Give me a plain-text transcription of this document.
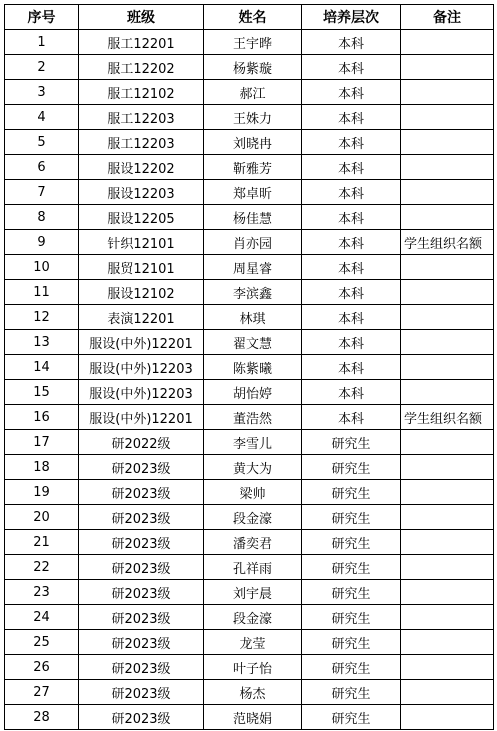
序号	班级	姓名	培养层次	备注
1	服工12201	王宇晔	本科	
2	服工12202	杨紫璇	本科	
3	服工12102	郝江	本科	
4	服工12203	王姝力	本科	
5	服工12203	刘晓冉	本科	
6	服设12202	靳雅芳	本科	
7	服设12203	郑卓昕	本科	
8	服设12205	杨佳慧	本科	
9	针织12101	肖亦园	本科	学生组织名额
10	服贸12101	周星睿	本科	
11	服设12102	李滨鑫	本科	
12	表演12201	林琪	本科	
13	服设(中外)12201	翟文慧	本科	
14	服设(中外)12203	陈紫曦	本科	
15	服设(中外)12203	胡怡婷	本科	
16	服设(中外)12201	董浩然	本科	学生组织名额
17	研2022级	李雪儿	研究生	
18	研2023级	黄大为	研究生	
19	研2023级	梁帅	研究生	
20	研2023级	段金濠	研究生	
21	研2023级	潘奕君	研究生	
22	研2023级	孔祥雨	研究生	
23	研2023级	刘宇晨	研究生	
24	研2023级	段金濠	研究生	
25	研2023级	龙莹	研究生	
26	研2023级	叶子怡	研究生	
27	研2023级	杨杰	研究生	
28	研2023级	范晓娟	研究生	
